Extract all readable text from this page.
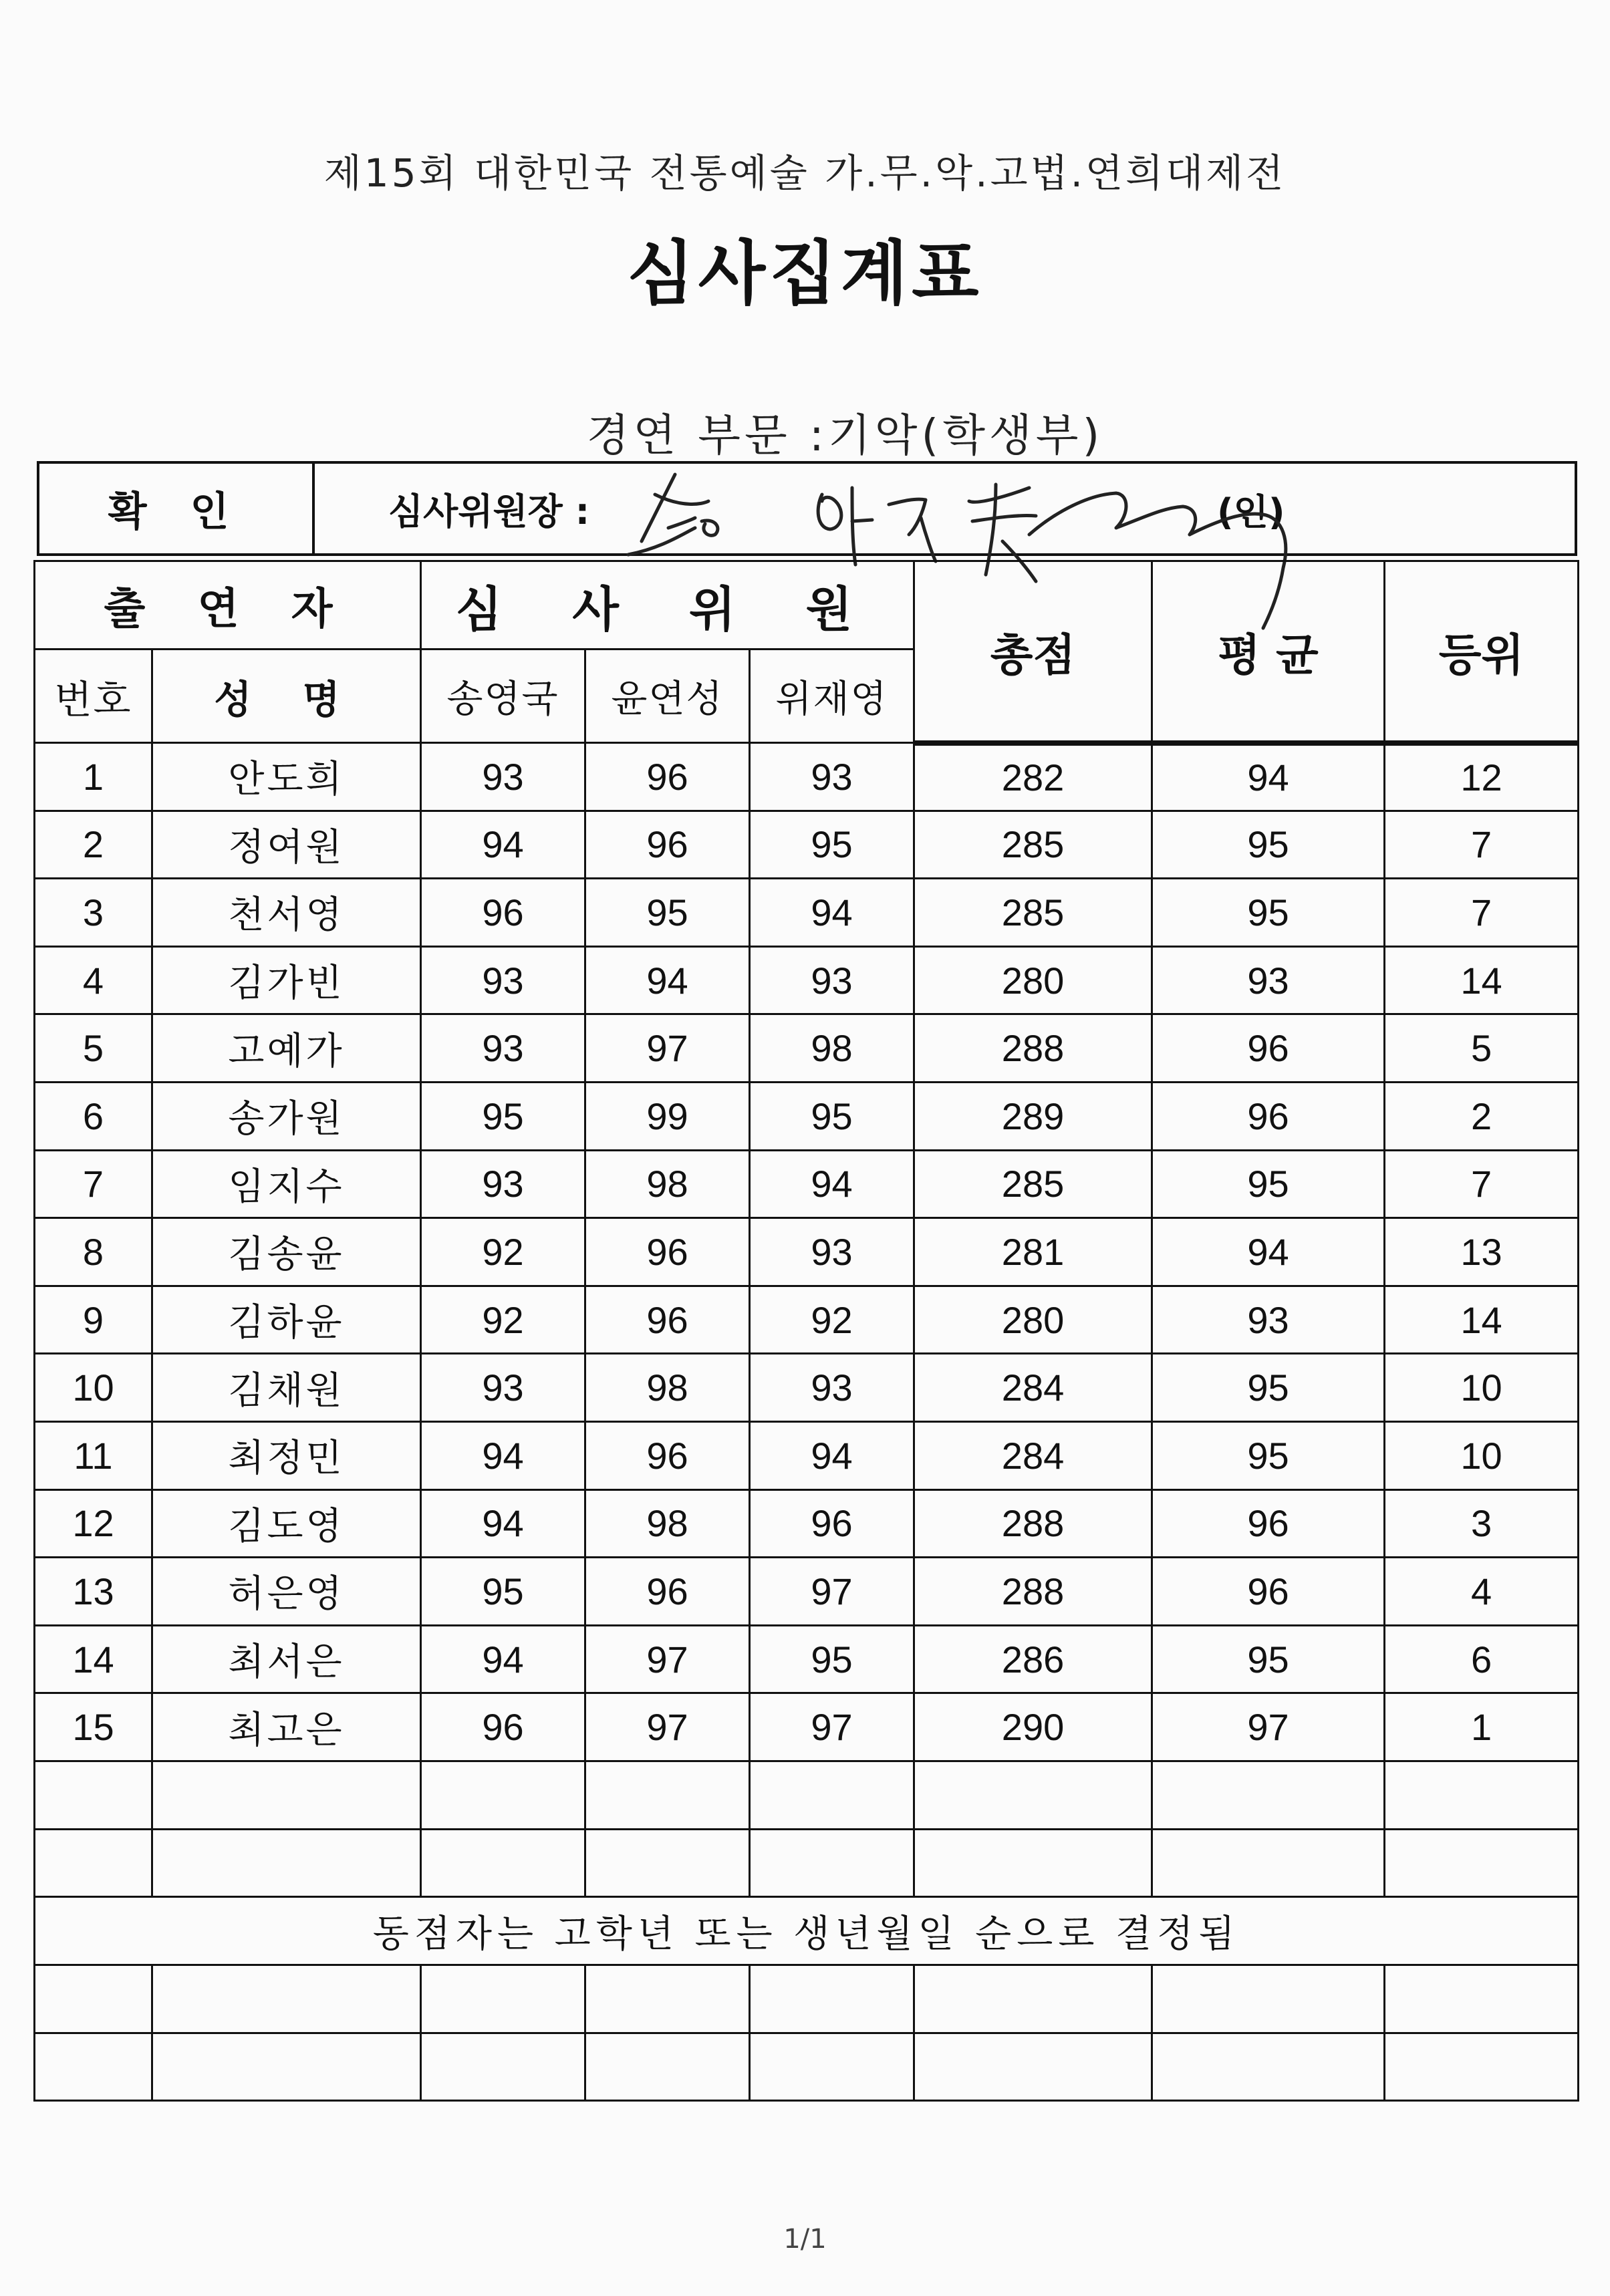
제15회 대한민국 전통예술 가.무.악.고법.연희대제전
심사집계표
경연 부문 :기악(학생부)
확 인	심사위원장 :	(인)
출 연 자		심 사 위 원			총점	평 균	등위
번호	성 명	송영국	윤연성	위재영			
1	안도희	93	96	93	282	94	12
2	정여원	94	96	95	285	95	7
3	천서영	96	95	94	285	95	7
4	김가빈	93	94	93	280	93	14
5	고예가	93	97	98	288	96	5
6	송가원	95	99	95	289	96	2
7	임지수	93	98	94	285	95	7
8	김송윤	92	96	93	281	94	13
9	김하윤	92	96	92	280	93	14
10	김채원	93	98	93	284	95	10
11	최정민	94	96	94	284	95	10
12	김도영	94	98	96	288	96	3
13	허은영	95	96	97	288	96	4
14	최서은	94	97	95	286	95	6
15	최고은	96	97	97	290	97	1

동점자는 고학년 또는 생년월일 순으로 결정됨							

1/1
